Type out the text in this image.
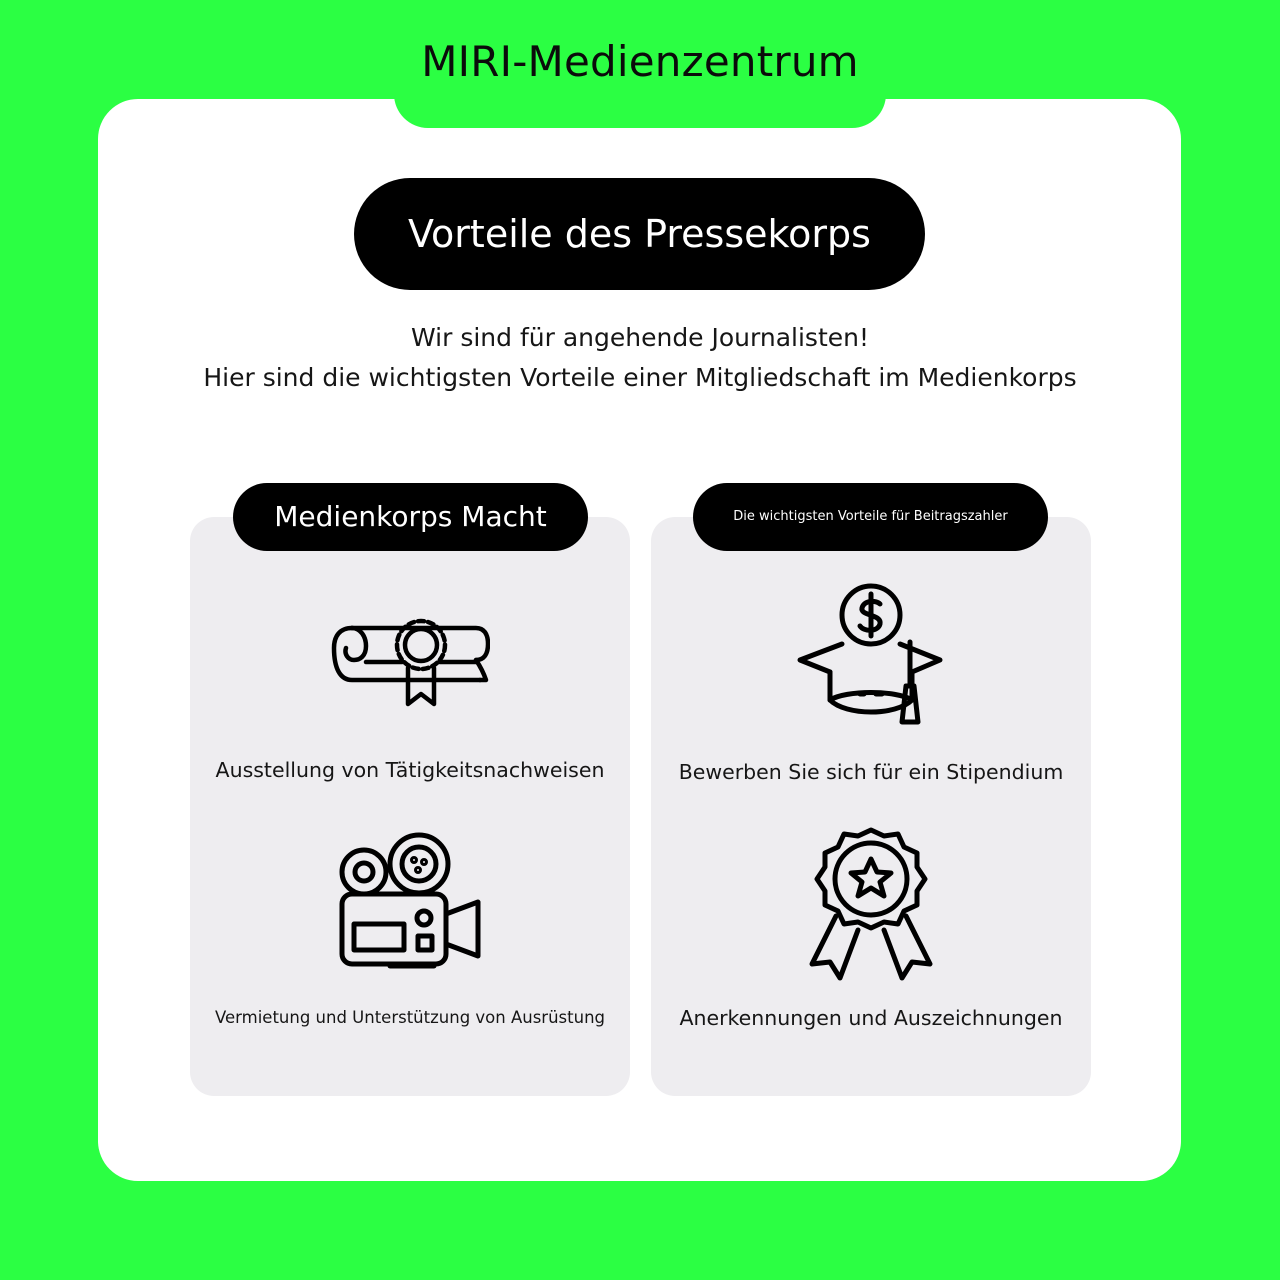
MIRI-Medienzentrum
Vorteile des Pressekorps
Wir sind für angehende Journalisten!
Hier sind die wichtigsten Vorteile einer Mitgliedschaft im Medienkorps
Medienkorps Macht
Ausstellung von Tätigkeitsnachweisen
Vermietung und Unterstützung von Ausrüstung
Die wichtigsten Vorteile für Beitragszahler
Bewerben Sie sich für ein Stipendium
Anerkennungen und Auszeichnungen
